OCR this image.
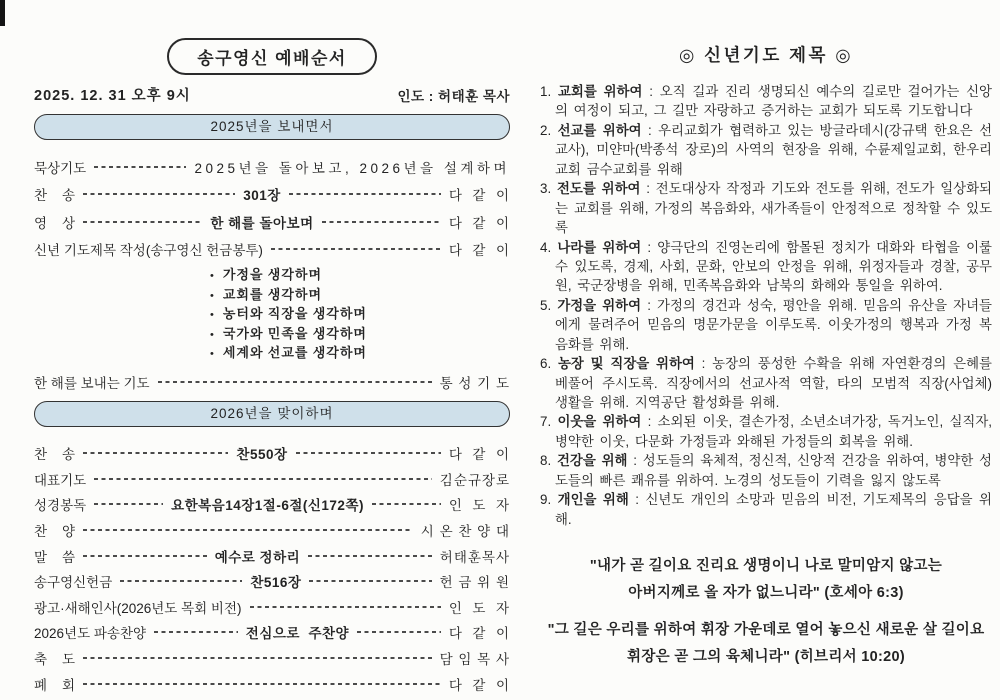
송구영신 예배순서
2025. 12. 31 오후 9시	인도 : 허태훈 목사
2025년을 보내면서
묵상기도	2025년을 돌아보고, 2026년을 설계하며
찬    송	301장	다  같  이
영    상	한 해를 돌아보며	다  같  이
신년 기도제목 작성(송구영신 헌금봉투)	다  같  이
• 가정을 생각하며
• 교회를 생각하며
• 농터와 직장을 생각하며
• 국가와 민족을 생각하며
• 세계와 선교를 생각하며
한 해를 보내는 기도	통 성 기 도
2026년을 맞이하며
찬    송	찬550장	다  같  이
대표기도	김순규장로
성경봉독	요한복음14장1절-6절(신172쪽)	인  도  자
찬    양	시 온 찬 양 대
말    씀	예수로 정하리	허태훈목사
송구영신헌금	찬516장	헌 금 위 원
광고·새해인사(2026년도 목회 비전)	인  도  자
2026년도 파송찬양	전심으로  주찬양	다  같  이
축    도	담 임 목 사
폐    회	다  같  이
◎ 신년기도 제목 ◎

1. 교회를 위하여 : 오직 길과 진리 생명되신 예수의 길로만 걸어가는 신앙의 여정이 되고, 그 길만 자랑하고 증거하는 교회가 되도록 기도합니다

2. 선교를 위하여 : 우리교회가 협력하고 있는 방글라데시(강규택 한요은 선교사), 미얀마(박종석 장로)의 사역의 현장을 위해, 수륜제일교회, 한우리교회 금수교회를 위해

3. 전도를 위하여 : 전도대상자 작정과 기도와 전도를 위해, 전도가 일상화되는 교회를 위해, 가정의 복음화와, 새가족들이 안정적으로 정착할 수 있도록

4. 나라를 위하여 : 양극단의 진영논리에 함몰된 정치가 대화와 타협을 이룰 수 있도록, 경제, 사회, 문화, 안보의 안정을 위해, 위정자들과 경찰, 공무원, 국군장병을 위해, 민족복음화와 남북의 화해와 통일을 위하여.

5. 가정을 위하여 : 가정의 경건과 성숙, 평안을 위해. 믿음의 유산을 자녀들에게 물려주어 믿음의 명문가문을 이루도록. 이웃가정의 행복과 가정 복음화를 위해.

6. 농장 및 직장을 위하여 : 농장의 풍성한 수확을 위해 자연환경의 은혜를 베풀어 주시도록. 직장에서의 선교사적 역할, 타의 모범적 직장(사업체) 생활을 위해. 지역공단 활성화를 위해.

7. 이웃을 위하여 : 소외된 이웃, 결손가정, 소년소녀가장, 독거노인, 실직자, 병약한 이웃, 다문화 가정들과 와해된 가정들의 회복을 위해.

8. 건강을 위해 : 성도들의 육체적, 정신적, 신앙적 건강을 위하여, 병약한 성도들의 빠른 쾌유를 위하여. 노경의 성도들이 기력을 잃지 않도록

9. 개인을 위해 : 신년도 개인의 소망과 믿음의 비전, 기도제목의 응답을 위해.

"내가 곧 길이요 진리요 생명이니 나로 말미암지 않고는
아버지께로 올 자가 없느니라" (호세아 6:3)
"그 길은 우리를 위하여 휘장 가운데로 열어 놓으신 새로운 살 길이요
휘장은 곧 그의 육체니라" (히브리서 10:20)
